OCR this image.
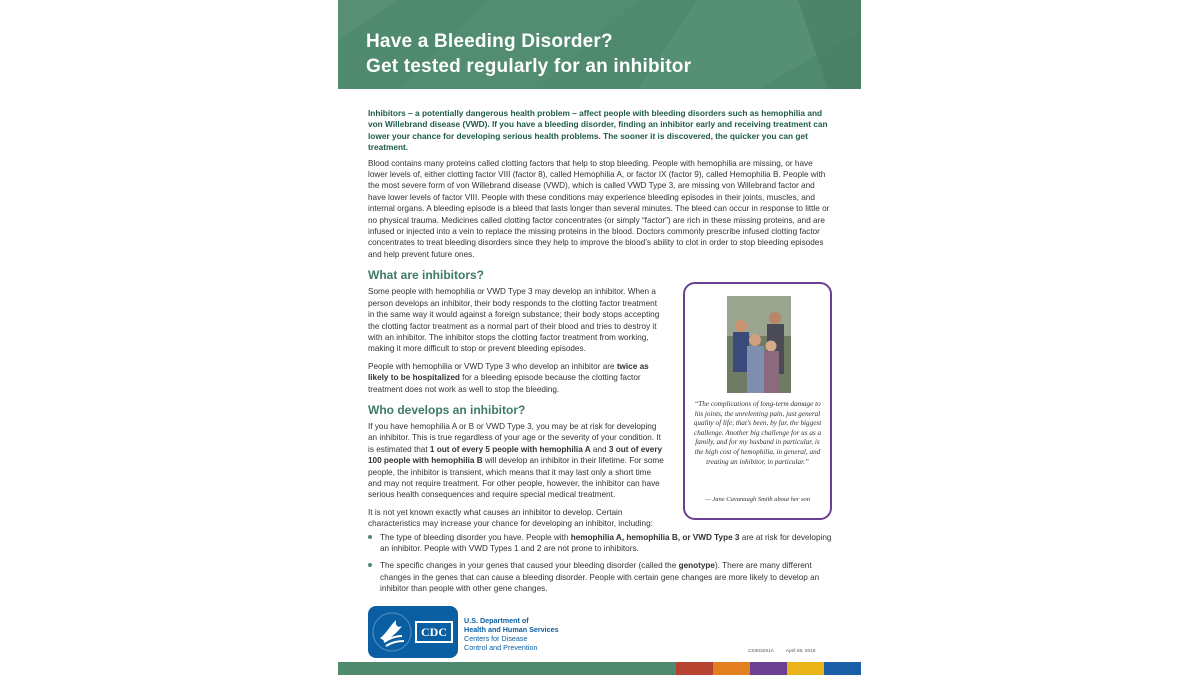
Have a Bleeding Disorder?
Get tested regularly for an inhibitor

Inhibitors – a potentially dangerous health problem – affect people with bleeding disorders such as hemophilia and von Willebrand disease (VWD). If you have a bleeding disorder, finding an inhibitor early and receiving treatment can lower your chance for developing serious health problems. The sooner it is discovered, the quicker you can get treatment.

Blood contains many proteins called clotting factors that help to stop bleeding. People with hemophilia are missing, or have lower levels of, either clotting factor VIII (factor 8), called Hemophilia A, or factor IX (factor 9), called Hemophilia B. People with the most severe form of von Willebrand disease (VWD), which is called VWD Type 3, are missing von Willebrand factor and have lower levels of factor VIII. People with these conditions may experience bleeding episodes in their joints, muscles, and internal organs. A bleeding episode is a bleed that lasts longer than several minutes. The bleed can occur in response to little or no physical trauma. Medicines called clotting factor concentrates (or simply “factor”) are rich in these missing proteins, and are infused or injected into a vein to replace the missing proteins in the blood. Doctors commonly prescribe infused clotting factor concentrates to treat bleeding disorders since they help to improve the blood’s ability to clot in order to stop bleeding episodes and help prevent future ones.

What are inhibitors?

Some people with hemophilia or VWD Type 3 may develop an inhibitor. When a person develops an inhibitor, their body responds to the clotting factor treatment in the same way it would against a foreign substance; their body stops accepting the clotting factor treatment as a normal part of their blood and tries to destroy it with an inhibitor. The inhibitor stops the clotting factor treatment from working, making it more difficult to stop or prevent bleeding episodes.

People with hemophilia or VWD Type 3 who develop an inhibitor are twice as likely to be hospitalized for a bleeding episode because the clotting factor treatment does not work as well to stop the bleeding.

Who develops an inhibitor?

If you have hemophilia A or B or VWD Type 3, you may be at risk for developing an inhibitor. This is true regardless of your age or the severity of your condition. It is estimated that 1 out of every 5 people with hemophilia A and 3 out of every 100 people with hemophilia B will develop an inhibitor in their lifetime. For some people, the inhibitor is transient, which means that it may last only a short time and may not require treatment. For other people, however, the inhibitor can have serious health consequences and require special medical treatment.

It is not yet known exactly what causes an inhibitor to develop. Certain characteristics may increase your chance for developing an inhibitor, including:

“The complications of long-term damage to his joints, the unrelenting pain, just general quality of life, that’s been, by far, the biggest challenge. Another big challenge for us as a family, and for my husband in particular, is the high cost of hemophilia, in general, and treating an inhibitor, in particular.”

— Jane Cavanaugh Smith about her son

The type of bleeding disorder you have. People with hemophilia A, hemophilia B, or VWD Type 3 are at risk for developing an inhibitor. People with VWD Types 1 and 2 are not prone to inhibitors.
The specific changes in your genes that caused your bleeding disorder (called the genotype). There are many different changes in the genes that can cause a bleeding disorder. People with certain gene changes are more likely to develop an inhibitor than people with other gene changes.
CDC

U.S. Department of
Health and Human Services
Centers for Disease
Control and Prevention	CS303281A	April 08, 2019
